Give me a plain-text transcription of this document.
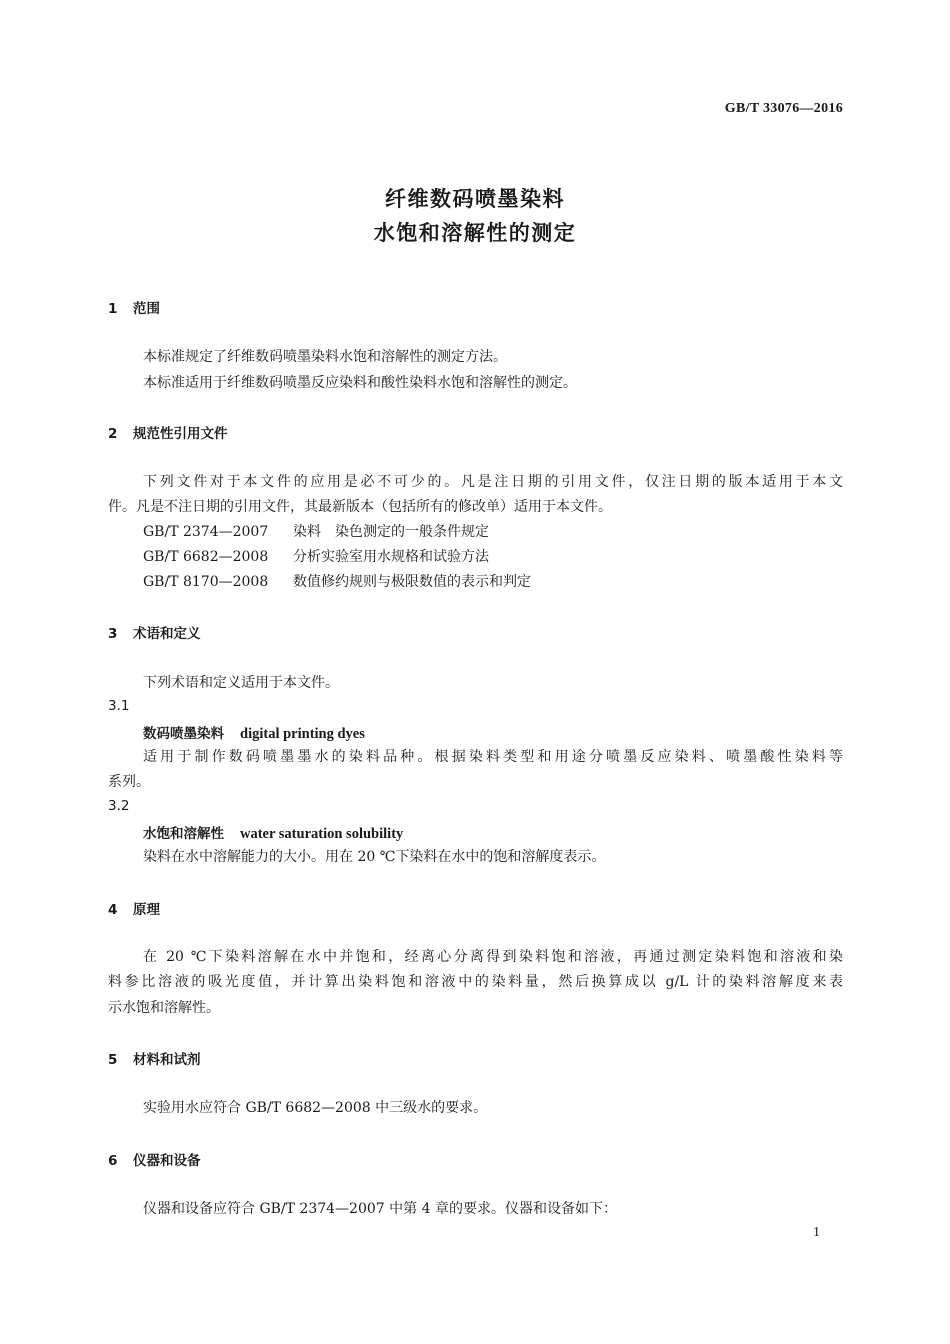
GB/T 33076—2016
纤维数码喷墨染料
水饱和溶解性的测定
1 范围
本标准规定了纤维数码喷墨染料水饱和溶解性的测定方法。
本标准适用于纤维数码喷墨反应染料和酸性染料水饱和溶解性的测定。
2 规范性引用文件
下列文件对于本文件的应用是必不可少的。凡是注日期的引用文件，仅注日期的版本适用于本文
件。凡是不注日期的引用文件，其最新版本（包括所有的修改单）适用于本文件。
GB/T 2374—2007 染料　染色测定的一般条件规定
GB/T 6682—2008 分析实验室用水规格和试验方法
GB/T 8170—2008 数值修约规则与极限数值的表示和判定
3 术语和定义
下列术语和定义适用于本文件。
3.1
数码喷墨染料 digital printing dyes
适用于制作数码喷墨墨水的染料品种。根据染料类型和用途分喷墨反应染料、喷墨酸性染料等
系列。
3.2
水饱和溶解性 water saturation solubility
染料在水中溶解能力的大小。用在 20 ℃下染料在水中的饱和溶解度表示。
4 原理
在 20 ℃下染料溶解在水中并饱和，经离心分离得到染料饱和溶液，再通过测定染料饱和溶液和染
料参比溶液的吸光度值，并计算出染料饱和溶液中的染料量，然后换算成以 g/L 计的染料溶解度来表
示水饱和溶解性。
5 材料和试剂
实验用水应符合 GB/T 6682—2008 中三级水的要求。
6 仪器和设备
仪器和设备应符合 GB/T 2374—2007 中第 4 章的要求。仪器和设备如下：
1
